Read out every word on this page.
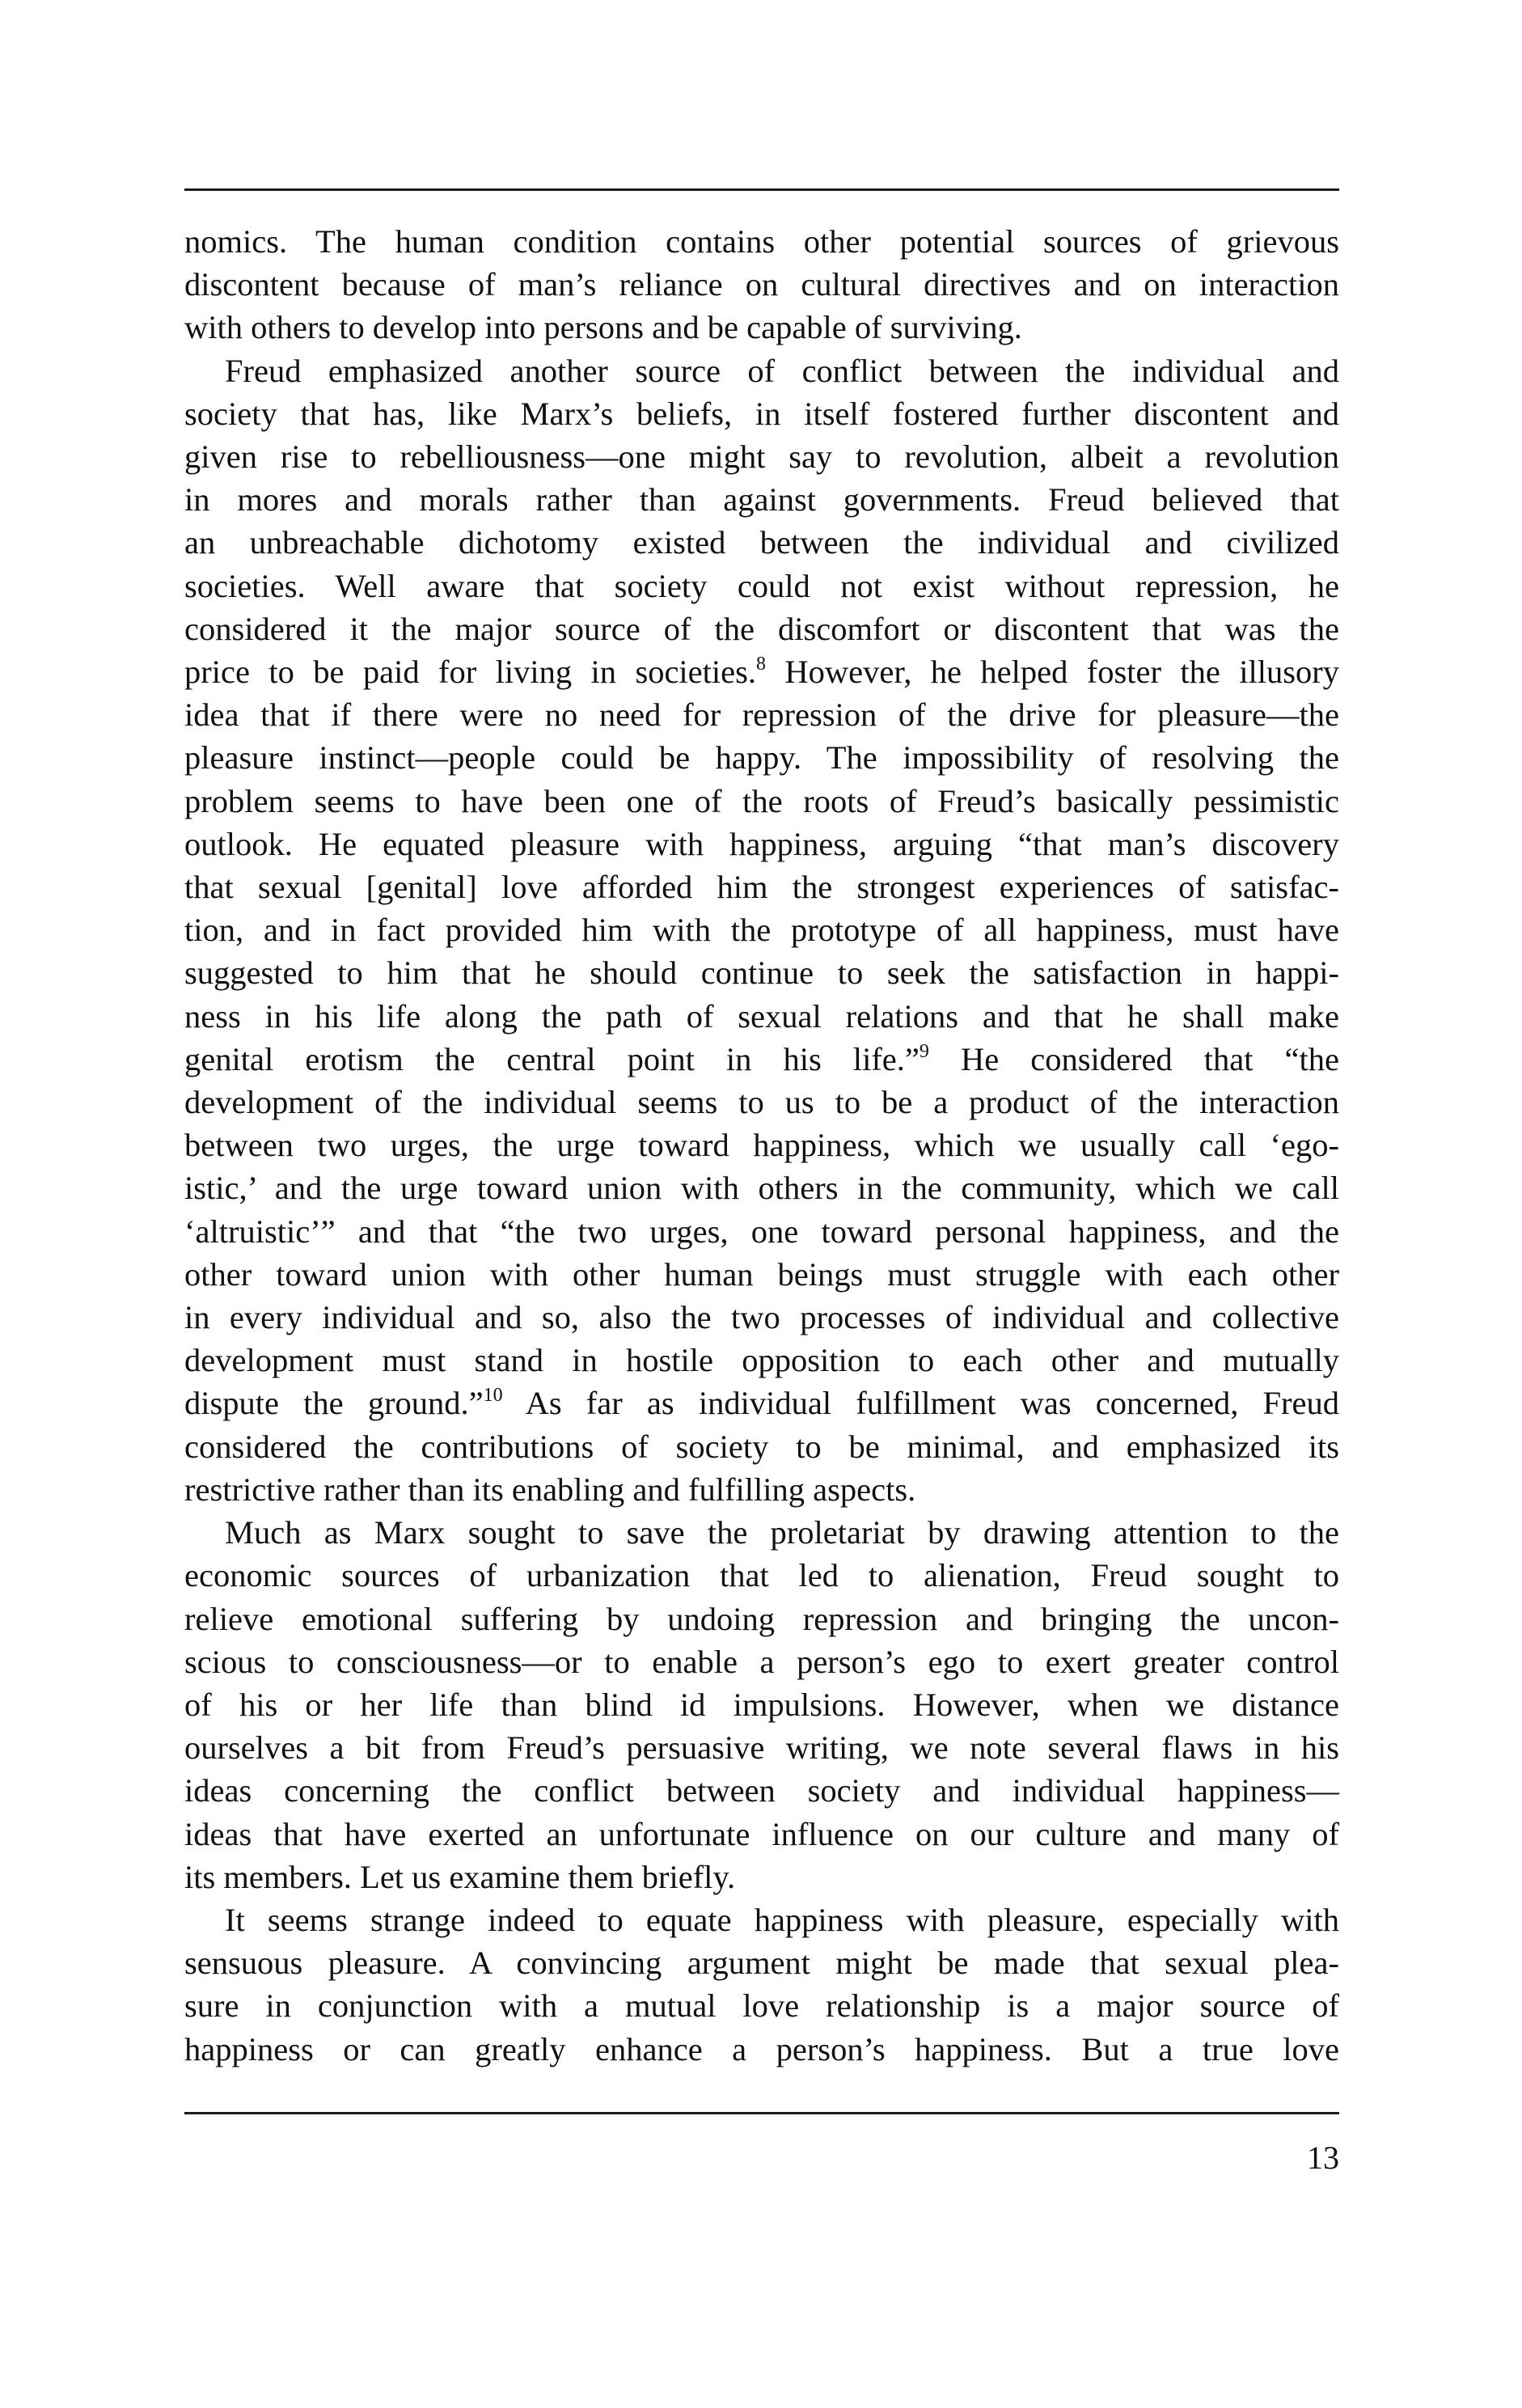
nomics. The human condition contains other potential sources of grievous
discontent because of man’s reliance on cultural directives and on interaction
with others to develop into persons and be capable of surviving.
Freud emphasized another source of conflict between the individual and
society that has, like Marx’s beliefs, in itself fostered further discontent and
given rise to rebelliousness—one might say to revolution, albeit a revolution
in mores and morals rather than against governments. Freud believed that
an unbreachable dichotomy existed between the individual and civilized
societies. Well aware that society could not exist without repression, he
considered it the major source of the discomfort or discontent that was the
price to be paid for living in societies.$^8$ However, he helped foster the illusory
idea that if there were no need for repression of the drive for pleasure—the
pleasure instinct—people could be happy. The impossibility of resolving the
problem seems to have been one of the roots of Freud’s basically pessimistic
outlook. He equated pleasure with happiness, arguing “that man’s discovery
that sexual [genital] love afforded him the strongest experiences of satisfac-
tion, and in fact provided him with the prototype of all happiness, must have
suggested to him that he should continue to seek the satisfaction in happi-
ness in his life along the path of sexual relations and that he shall make
genital erotism the central point in his life.”$^9$ He considered that “the
development of the individual seems to us to be a product of the interaction
between two urges, the urge toward happiness, which we usually call ‘ego-
istic,’ and the urge toward union with others in the community, which we call
‘altruistic’” and that “the two urges, one toward personal happiness, and the
other toward union with other human beings must struggle with each other
in every individual and so, also the two processes of individual and collective
development must stand in hostile opposition to each other and mutually
dispute the ground.”$^{10}$ As far as individual fulfillment was concerned, Freud
considered the contributions of society to be minimal, and emphasized its
restrictive rather than its enabling and fulfilling aspects.
Much as Marx sought to save the proletariat by drawing attention to the
economic sources of urbanization that led to alienation, Freud sought to
relieve emotional suffering by undoing repression and bringing the uncon-
scious to consciousness—or to enable a person’s ego to exert greater control
of his or her life than blind id impulsions. However, when we distance
ourselves a bit from Freud’s persuasive writing, we note several flaws in his
ideas concerning the conflict between society and individual happiness—
ideas that have exerted an unfortunate influence on our culture and many of
its members. Let us examine them briefly.
It seems strange indeed to equate happiness with pleasure, especially with
sensuous pleasure. A convincing argument might be made that sexual plea-
sure in conjunction with a mutual love relationship is a major source of
happiness or can greatly enhance a person’s happiness. But a true love
13
